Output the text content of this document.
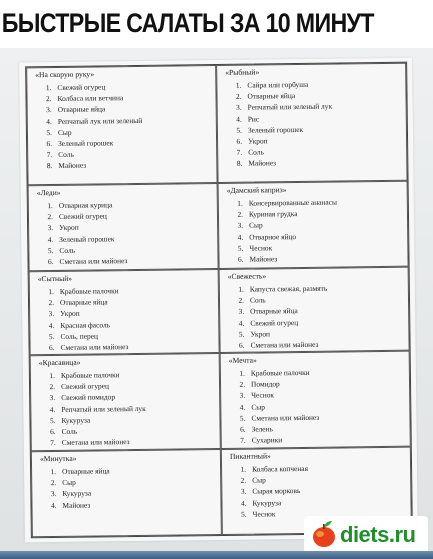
БЫСТРЫЕ САЛАТЫ ЗА 10 МИНУТ
«На скорую руку»
1. Свежий огурец
2. Колбаса или ветчина
3. Отварные яйца
4. Репчатый лук или зеленый
5. Сыр
6. Зеленый горошек
7. Соль
8. Майонез
«Рыбный»
1. Сайра или горбуша
2. Отварные яйца
3. Репчатый или зеленый лук
4. Рис
5. Зеленый горошек
6. Укроп
7. Соль
8. Майонез
«Леди»
1. Отварная курица
2. Свежий огурец
3. Укроп
4. Зеленый горошек
5. Соль
6. Сметана или майонез
«Дамский каприз»
1. Консервированные ананасы
2. Куриная грудка
3. Сыр
4. Отварное яйцо
5. Чеснок
6. Майонез
«Сытный»
1. Крабовые палочки
2. Отварные яйца
3. Укроп
4. Красная фасоль
5. Соль, перец
6. Сметана или майонез
«Свежесть»
1. Капуста свежая, размять
2. Соль
3. Отварные яйца
4. Свежий огурец
5. Укроп
6. Сметана или майонез
«Красавица»
1. Крабовые палочки
2. Свежий огурец
3. Свежий помидор
4. Репчатый или зеленый лук
5. Кукуруза
6. Соль
7. Сметана или майонез
«Мечта»
1. Крабовые палочки
2. Помидор
3. Чеснок
4. Сыр
5. Сметана или майонез
6. Зелень
7. Сухарики
«Минутка»
1. Отварные яйца
2. Сыр
3. Кукуруза
4. Майонез
Пикантный»
1. Колбаса копченая
2. Сыр
3. Сырая морковь
4. Кукуруза
5. Чеснок
diets.ru
